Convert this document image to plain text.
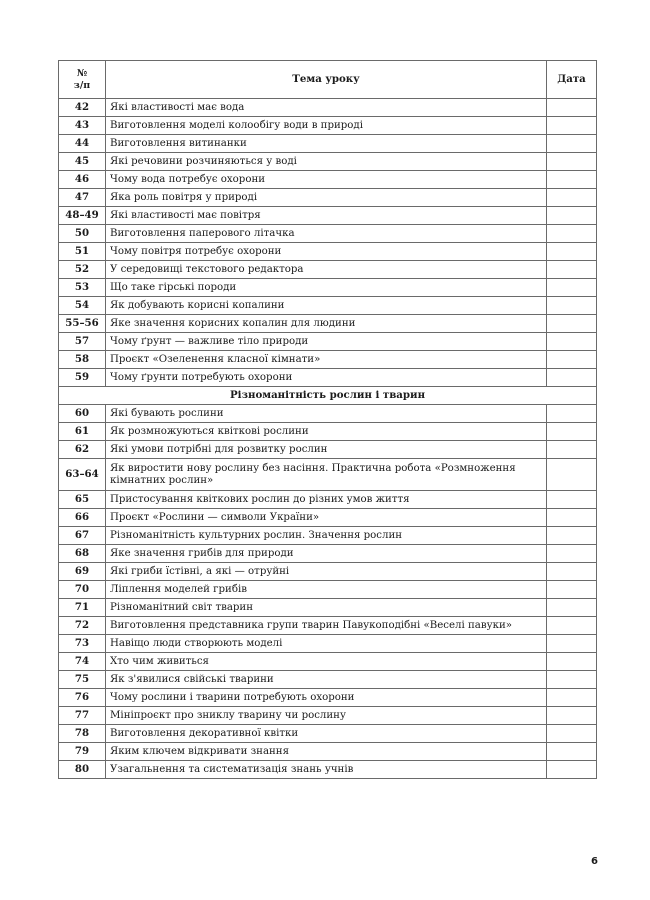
№
з/п	Тема уроку	Дата
42	Які властивості має вода	
43	Виготовлення моделі колообігу води в природі	
44	Виготовлення витинанки	
45	Які речовини розчиняються у воді	
46	Чому вода потребує охорони	
47	Яка роль повітря у природі	
48–49	Які властивості має повітря	
50	Виготовлення паперового літачка	
51	Чому повітря потребує охорони	
52	У середовищі текстового редактора	
53	Що таке гірські породи	
54	Як добувають корисні копалини	
55–56	Яке значення корисних копалин для людини	
57	Чому ґрунт — важливе тіло природи	
58	Проєкт «Озеленення класної кімнати»	
59	Чому ґрунти потребують охорони	
Різноманітність рослин і тварин		
60	Які бувають рослини	
61	Як розмножуються квіткові рослини	
62	Які умови потрібні для розвитку рослин	
63–64	Як виростити нову рослину без насіння. Практична робота «Розмноження кімнатних рослин»	
65	Пристосування квіткових рослин до різних умов життя	
66	Проєкт «Рослини — символи України»	
67	Різноманітність культурних рослин. Значення рослин	
68	Яке значення грибів для природи	
69	Які гриби їстівні, а які — отруйні	
70	Ліплення моделей грибів	
71	Різноманітний світ тварин	
72	Виготовлення представника групи тварин Павукоподібні «Веселі павуки»	
73	Навіщо люди створюють моделі	
74	Хто чим живиться	
75	Як з'явилися свійські тварини	
76	Чому рослини і тварини потребують охорони	
77	Мініпроєкт про зниклу тварину чи рослину	
78	Виготовлення декоративної квітки	
79	Яким ключем відкривати знання	
80	Узагальнення та систематизація знань учнів	
6
